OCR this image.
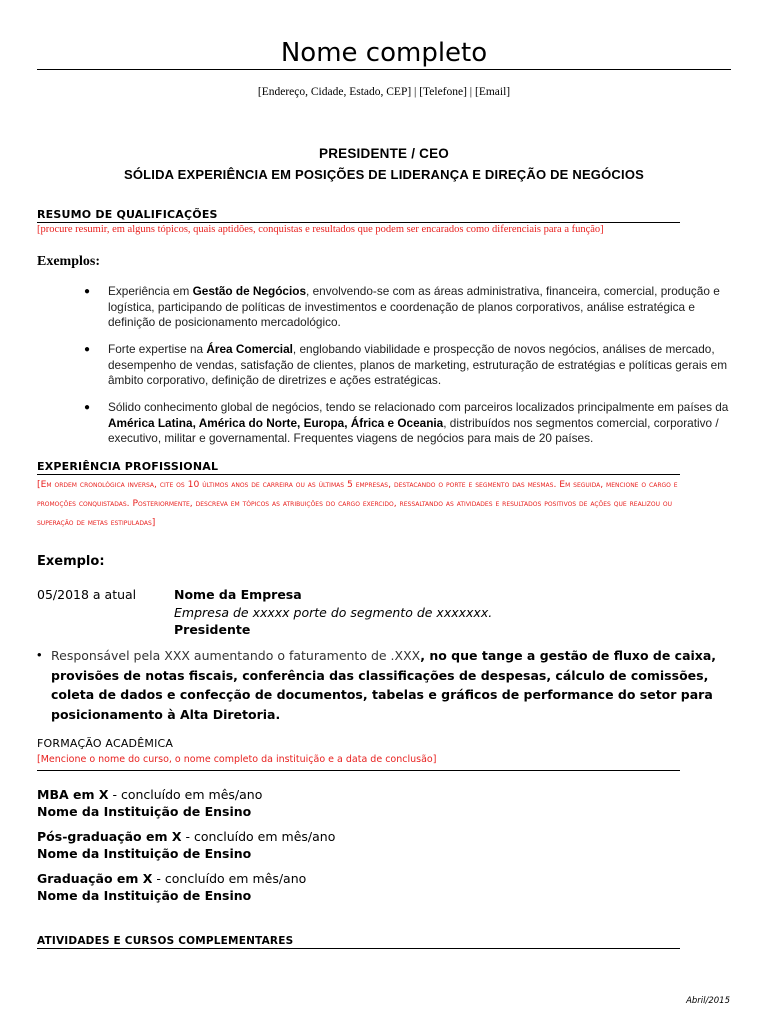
Nome completo
[Endereço, Cidade, Estado, CEP] | [Telefone] | [Email]
PRESIDENTE / CEO
SÓLIDA EXPERIÊNCIA EM POSIÇÕES DE LIDERANÇA E DIREÇÃO DE NEGÓCIOS
RESUMO DE QUALIFICAÇÕES
[procure resumir, em alguns tópicos, quais aptidões, conquistas e resultados que podem ser encarados como diferenciais para a função]
Exemplos:
● Experiência em Gestão de Negócios, envolvendo-se com as áreas administrativa, financeira, comercial, produção e logística, participando de políticas de investimentos e coordenação de planos corporativos, análise estratégica e definição de posicionamento mercadológico.
● Forte expertise na Área Comercial, englobando viabilidade e prospecção de novos negócios, análises de mercado, desempenho de vendas, satisfação de clientes, planos de marketing, estruturação de estratégias e políticas gerais em âmbito corporativo, definição de diretrizes e ações estratégicas.
● Sólido conhecimento global de negócios, tendo se relacionado com parceiros localizados principalmente em países da América Latina, América do Norte, Europa, África e Oceania, distribuídos nos segmentos comercial, corporativo / executivo, militar e governamental. Frequentes viagens de negócios para mais de 20 países.
EXPERIÊNCIA PROFISSIONAL
[Em ordem cronológica inversa, cite os 10 últimos anos de carreira ou as últimas 5 empresas, destacando o porte e segmento das mesmas. Em seguida, mencione o cargo e promoções conquistadas. Posteriormente, descreva em tópicos as atribuições do cargo exercido, ressaltando as atividades e resultados positivos de ações que realizou ou superação de metas estipuladas]
Exemplo:
05/2018 a atual	Nome da Empresa
Empresa de xxxxx porte do segmento de xxxxxxx.
Presidente
• Responsável pela XXX aumentando o faturamento de .XXX, no que tange a gestão de fluxo de caixa, provisões de notas fiscais, conferência das classificações de despesas, cálculo de comissões, coleta de dados e confecção de documentos, tabelas e gráficos de performance do setor para posicionamento à Alta Diretoria.
FORMAÇÃO ACADÊMICA
[Mencione o nome do curso, o nome completo da instituição e a data de conclusão]
MBA em X - concluído em mês/ano
Nome da Instituição de Ensino
Pós-graduação em X - concluído em mês/ano
Nome da Instituição de Ensino
Graduação em X - concluído em mês/ano
Nome da Instituição de Ensino
ATIVIDADES E CURSOS COMPLEMENTARES
Abril/2015
